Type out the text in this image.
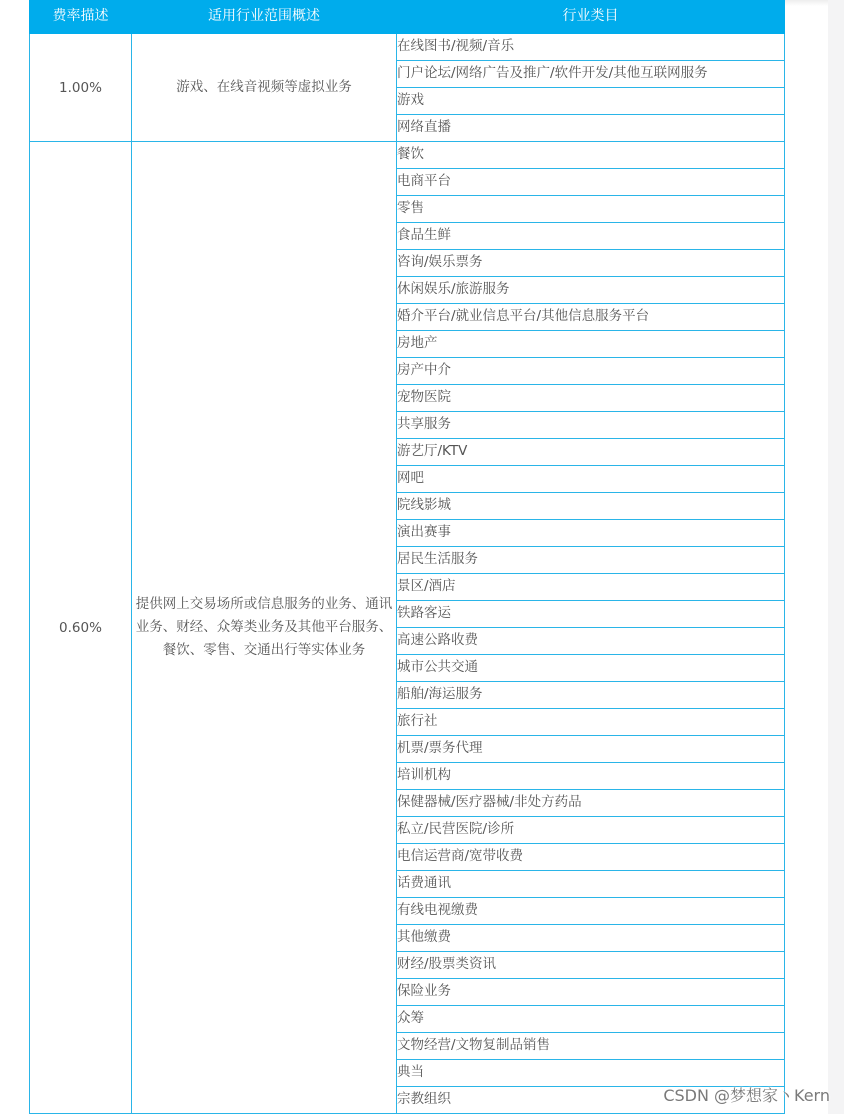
费率描述	适用行业范围概述	行业类目
1.00%	游戏、在线音视频等虚拟业务	在线图书/视频/音乐
		门户论坛/网络广告及推广/软件开发/其他互联网服务
		游戏
		网络直播
0.60%	提供网上交易场所或信息服务的业务、通讯业务、财经、众筹类业务及其他平台服务、餐饮、零售、交通出行等实体业务	餐饮
		电商平台
		零售
		食品生鲜
		咨询/娱乐票务
		休闲娱乐/旅游服务
		婚介平台/就业信息平台/其他信息服务平台
		房地产
		房产中介
		宠物医院
		共享服务
		游艺厅/KTV
		网吧
		院线影城
		演出赛事
		居民生活服务
		景区/酒店
		铁路客运
		高速公路收费
		城市公共交通
		船舶/海运服务
		旅行社
		机票/票务代理
		培训机构
		保健器械/医疗器械/非处方药品
		私立/民营医院/诊所
		电信运营商/宽带收费
		话费通讯
		有线电视缴费
		其他缴费
		财经/股票类资讯
		保险业务
		众筹
		文物经营/文物复制品销售
		典当
		宗教组织	CSDN @梦想家丶Kern
